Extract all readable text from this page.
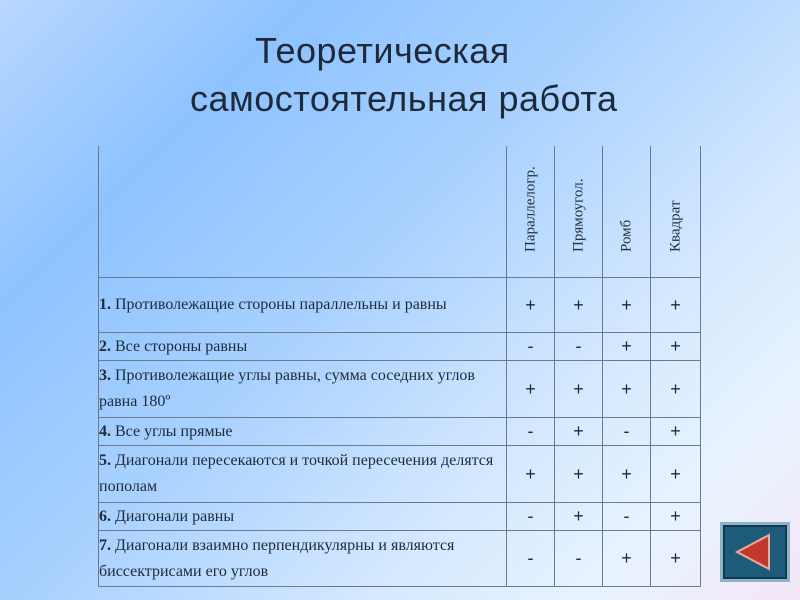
Теоретическая
самостоятельная работа

	Параллелогр.	Прямоугол.	Ромб	Квадрат

1. Противолежащие стороны параллельны и равны	+	+	+	+
2. Все стороны равны	-	-	+	+
3. Противолежащие углы равны, сумма соседних углов равна 180º	+	+	+	+
4. Все углы прямые	-	+	-	+
5. Диагонали пересекаются и точкой пересечения делятся пополам	+	+	+	+
6. Диагонали равны	-	+	-	+
7. Диагонали взаимно перпендикулярны и являются биссектрисами его углов	-	-	+	+
